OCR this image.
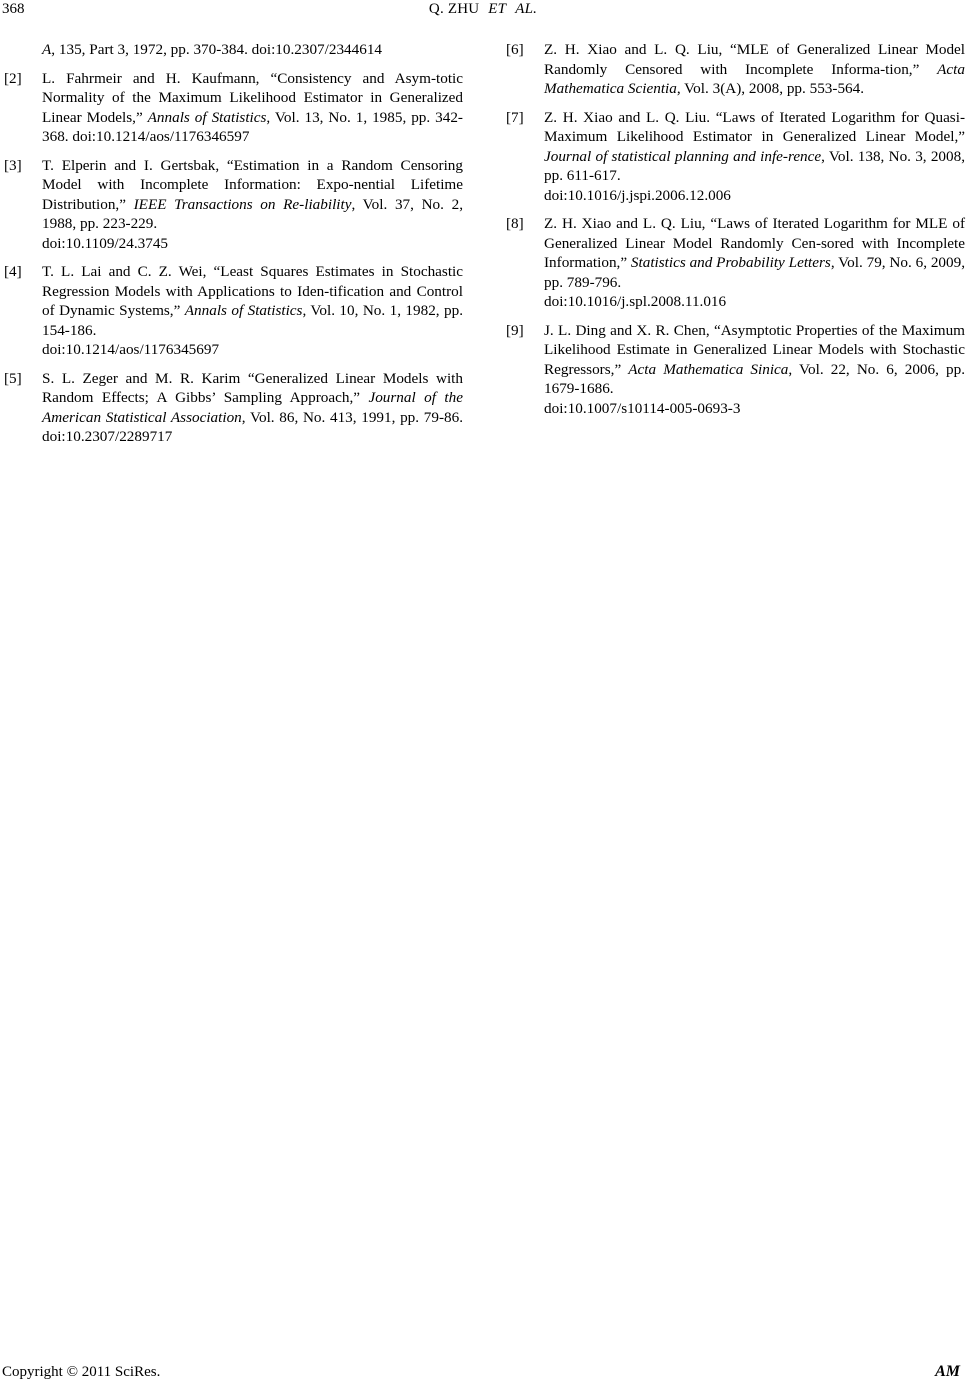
368	Q. ZHU ET AL.
A, 135, Part 3, 1972, pp. 370-384. doi:10.2307/2344614
[2]	L. Fahrmeir and H. Kaufmann, “Consistency and Asym-totic Normality of the Maximum Likelihood Estimator in Generalized Linear Models,” Annals of Statistics, Vol. 13, No. 1, 1985, pp. 342-368. doi:10.1214/aos/1176346597
[3]	T. Elperin and I. Gertsbak, “Estimation in a Random Censoring Model with Incomplete Information: Expo-nential Lifetime Distribution,” IEEE Transactions on Re-liability, Vol. 37, No. 2, 1988, pp. 223-229.
doi:10.1109/24.3745
[4]	T. L. Lai and C. Z. Wei, “Least Squares Estimates in Stochastic Regression Models with Applications to Iden-tification and Control of Dynamic Systems,” Annals of Statistics, Vol. 10, No. 1, 1982, pp. 154-186.
doi:10.1214/aos/1176345697
[5]	S. L. Zeger and M. R. Karim “Generalized Linear Models with Random Effects; A Gibbs’ Sampling Approach,” Journal of the American Statistical Association, Vol. 86, No. 413, 1991, pp. 79-86. doi:10.2307/2289717
[6]	Z. H. Xiao and L. Q. Liu, “MLE of Generalized Linear Model Randomly Censored with Incomplete Informa-tion,” Acta Mathematica Scientia, Vol. 3(A), 2008, pp. 553-564.
[7]	Z. H. Xiao and L. Q. Liu. “Laws of Iterated Logarithm for Quasi-Maximum Likelihood Estimator in Generalized Linear Model,” Journal of statistical planning and infe-rence, Vol. 138, No. 3, 2008, pp. 611-617.
doi:10.1016/j.jspi.2006.12.006
[8]	Z. H. Xiao and L. Q. Liu, “Laws of Iterated Logarithm for MLE of Generalized Linear Model Randomly Cen-sored with Incomplete Information,” Statistics and Probability Letters, Vol. 79, No. 6, 2009, pp. 789-796.
doi:10.1016/j.spl.2008.11.016
[9]	J. L. Ding and X. R. Chen, “Asymptotic Properties of the Maximum Likelihood Estimate in Generalized Linear Models with Stochastic Regressors,” Acta Mathematica Sinica, Vol. 22, No. 6, 2006, pp. 1679-1686.
doi:10.1007/s10114-005-0693-3
Copyright © 2011 SciRes.	AM
